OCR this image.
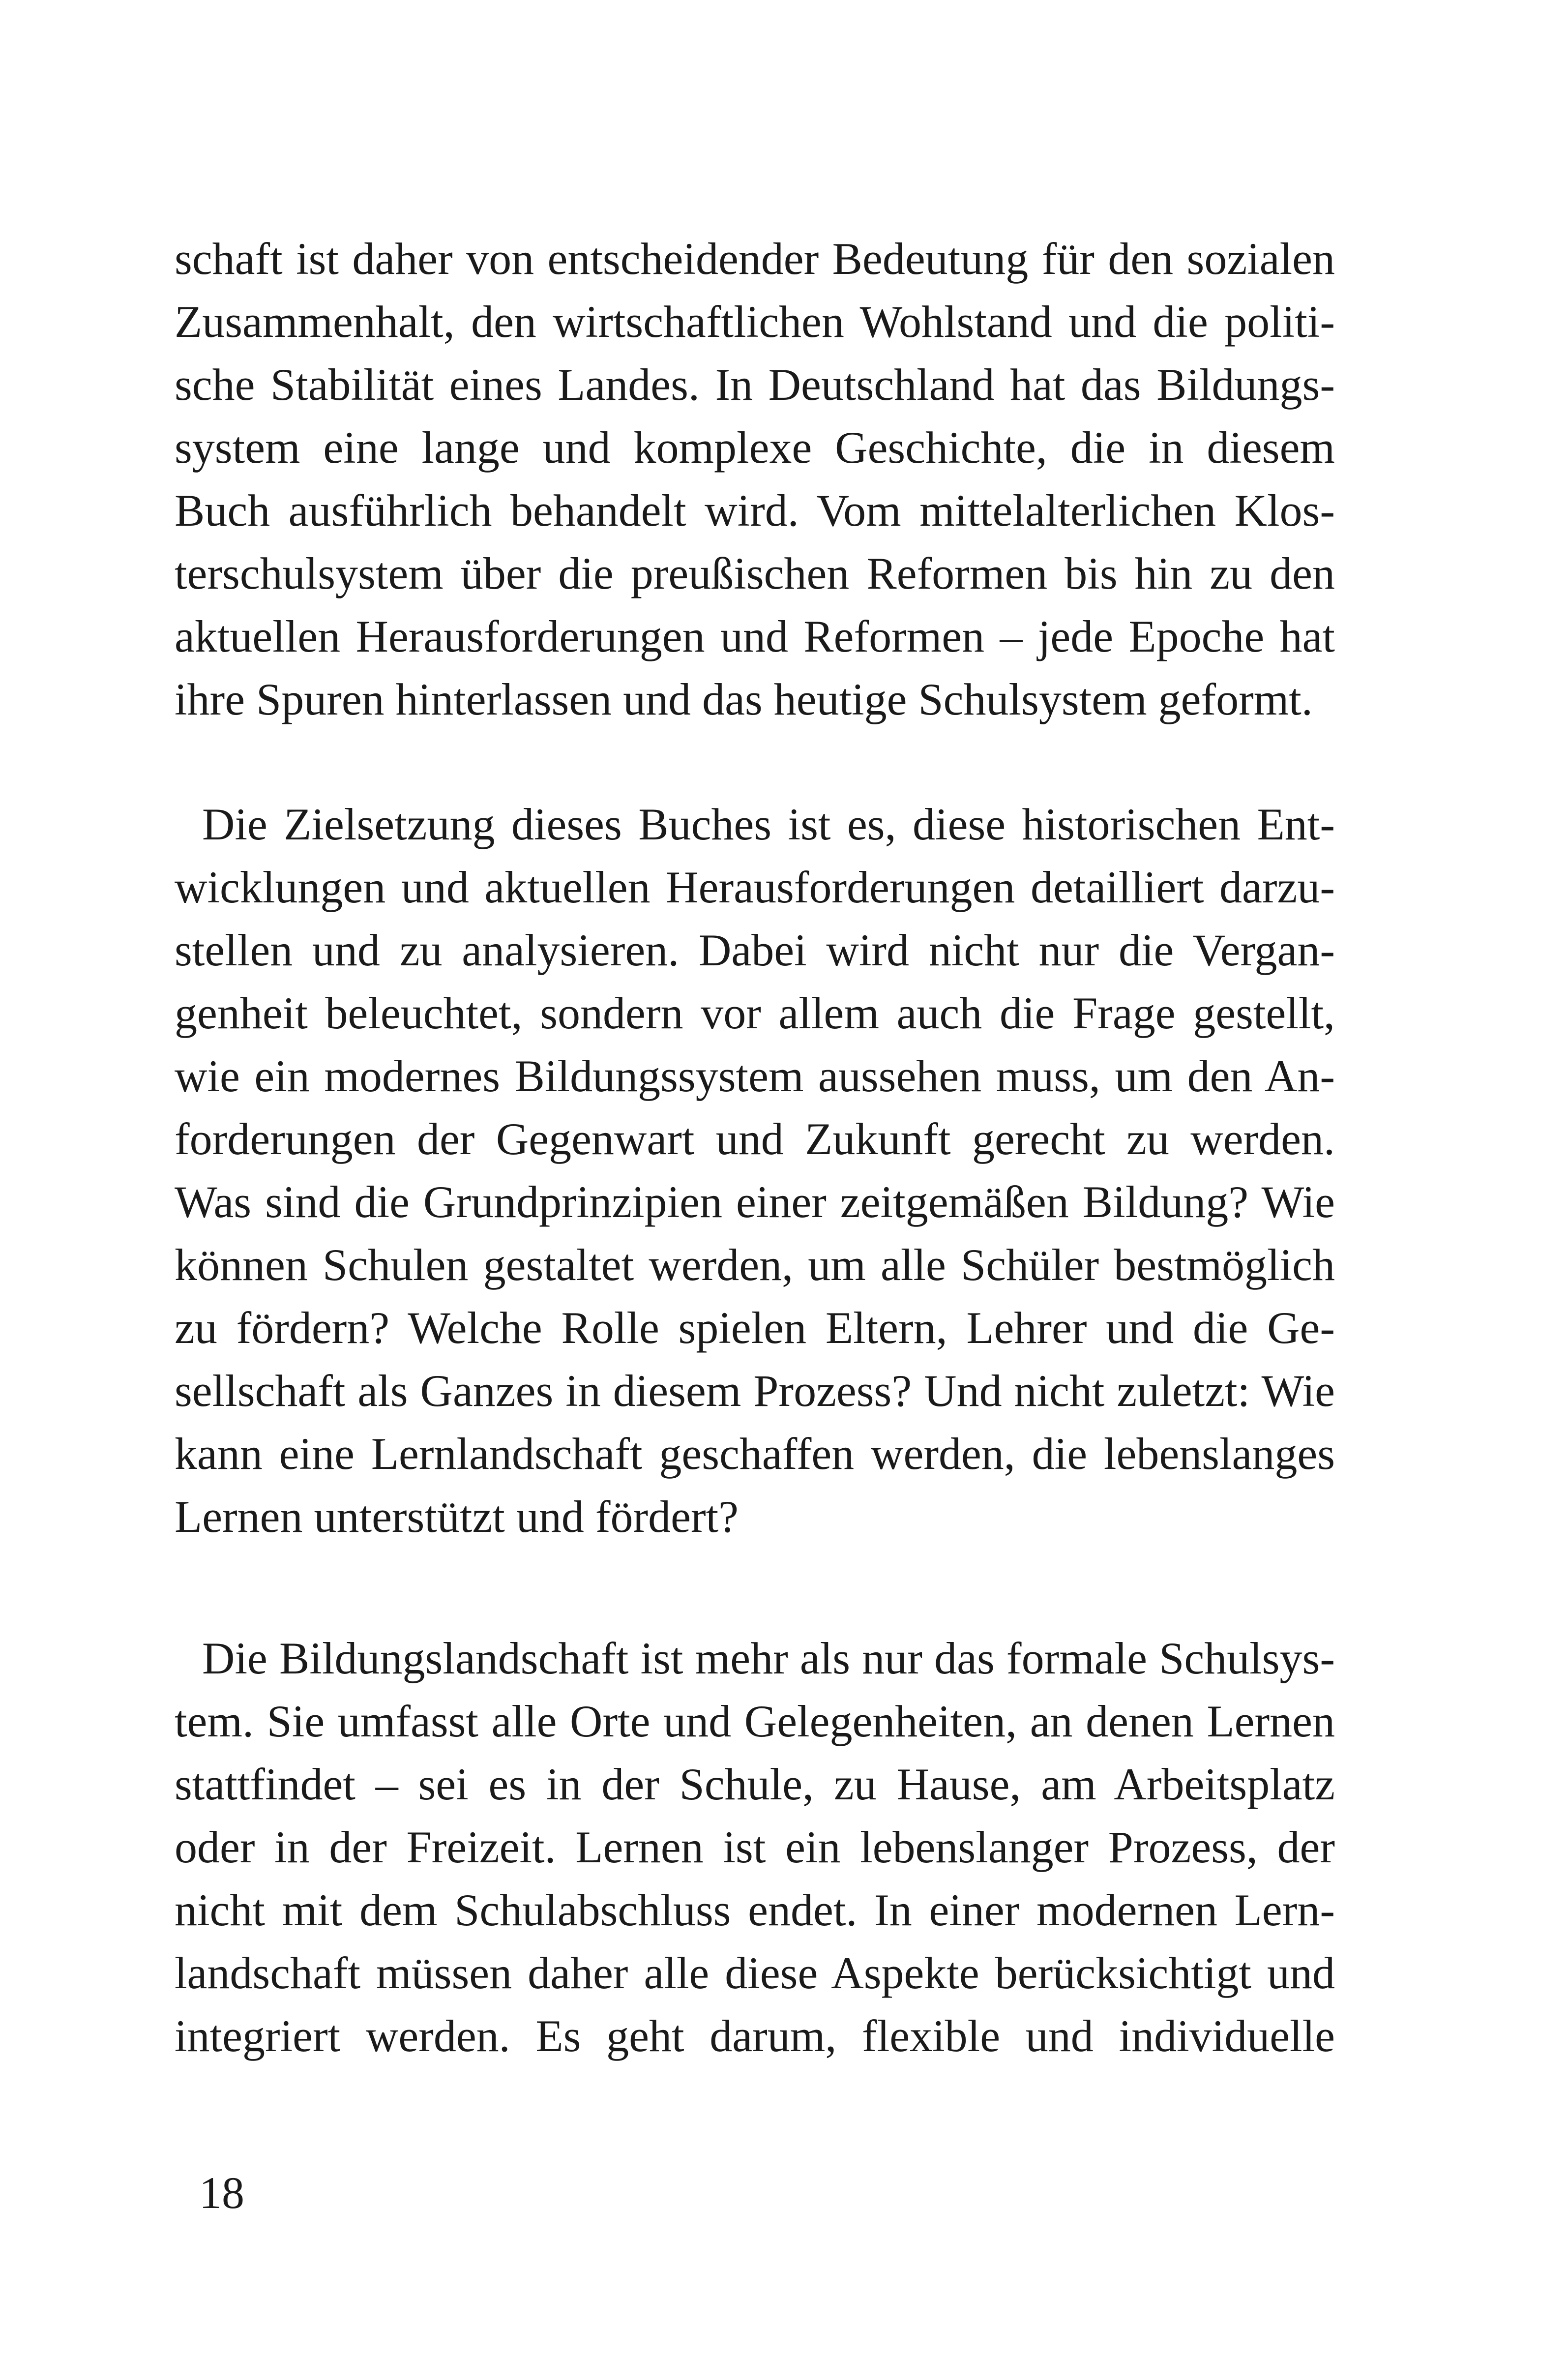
schaft ist daher von entscheidender Bedeutung für den sozialen
Zusammenhalt, den wirtschaftlichen Wohlstand und die politi-
sche Stabilität eines Landes. In Deutschland hat das Bildungs-
system eine lange und komplexe Geschichte, die in diesem
Buch ausführlich behandelt wird. Vom mittelalterlichen Klos-
terschulsystem über die preußischen Reformen bis hin zu den
aktuellen Herausforderungen und Reformen – jede Epoche hat
ihre Spuren hinterlassen und das heutige Schulsystem geformt.
Die Zielsetzung dieses Buches ist es, diese historischen Ent-
wicklungen und aktuellen Herausforderungen detailliert darzu-
stellen und zu analysieren. Dabei wird nicht nur die Vergan-
genheit beleuchtet, sondern vor allem auch die Frage gestellt,
wie ein modernes Bildungssystem aussehen muss, um den An-
forderungen der Gegenwart und Zukunft gerecht zu werden.
Was sind die Grundprinzipien einer zeitgemäßen Bildung? Wie
können Schulen gestaltet werden, um alle Schüler bestmöglich
zu fördern? Welche Rolle spielen Eltern, Lehrer und die Ge-
sellschaft als Ganzes in diesem Prozess? Und nicht zuletzt: Wie
kann eine Lernlandschaft geschaffen werden, die lebenslanges
Lernen unterstützt und fördert?
Die Bildungslandschaft ist mehr als nur das formale Schulsys-
tem. Sie umfasst alle Orte und Gelegenheiten, an denen Lernen
stattfindet – sei es in der Schule, zu Hause, am Arbeitsplatz
oder in der Freizeit. Lernen ist ein lebenslanger Prozess, der
nicht mit dem Schulabschluss endet. In einer modernen Lern-
landschaft müssen daher alle diese Aspekte berücksichtigt und
integriert werden. Es geht darum, flexible und individuelle
18
